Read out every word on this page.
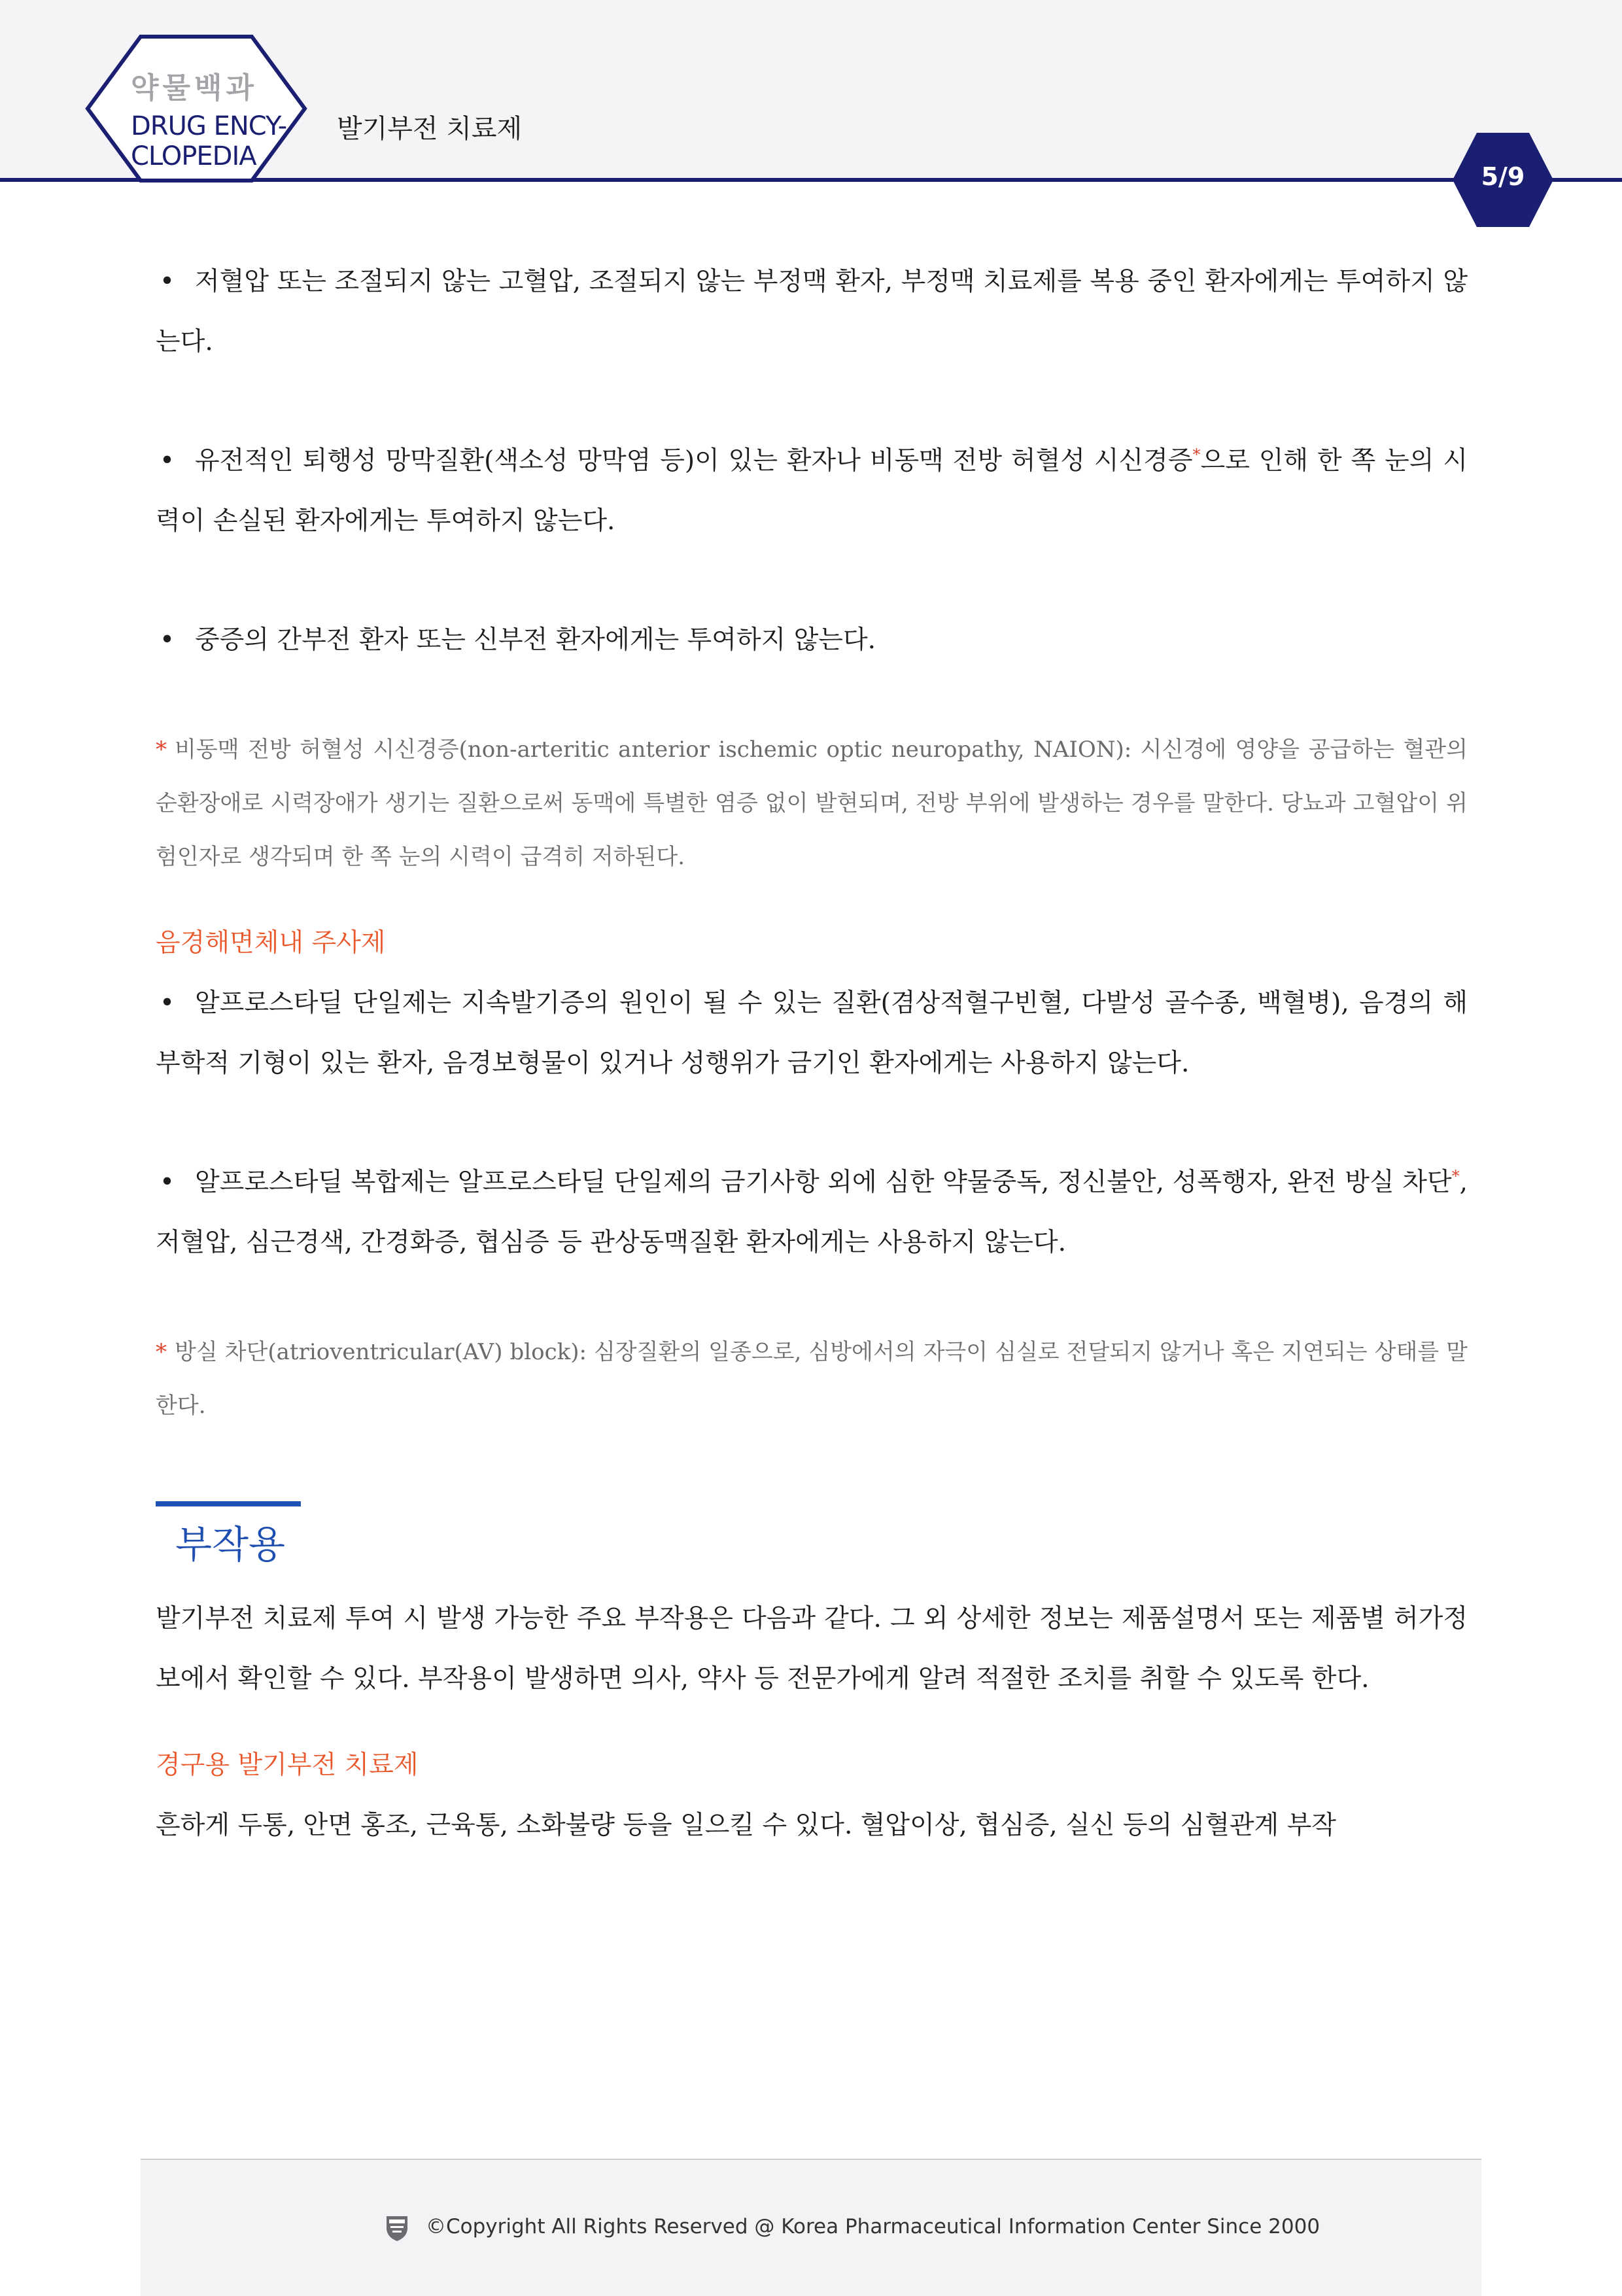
약물백과
DRUG ENCY-
CLOPEDIA
발기부전 치료제
5/9

• 저혈압 또는 조절되지 않는 고혈압, 조절되지 않는 부정맥 환자, 부정맥 치료제를 복용 중인 환자에게는 투여하지 않는다.

• 유전적인 퇴행성 망막질환(색소성 망막염 등)이 있는 환자나 비동맥 전방 허혈성 시신경증*으로 인해 한 쪽 눈의 시력이 손실된 환자에게는 투여하지 않는다.

• 중증의 간부전 환자 또는 신부전 환자에게는 투여하지 않는다.

* 비동맥 전방 허혈성 시신경증(non-arteritic anterior ischemic optic neuropathy, NAION): 시신경에 영양을 공급하는 혈관의 순환장애로 시력장애가 생기는 질환으로써 동맥에 특별한 염증 없이 발현되며, 전방 부위에 발생하는 경우를 말한다. 당뇨과 고혈압이 위험인자로 생각되며 한 쪽 눈의 시력이 급격히 저하된다.

음경해면체내 주사제

• 알프로스타딜 단일제는 지속발기증의 원인이 될 수 있는 질환(겸상적혈구빈혈, 다발성 골수종, 백혈병), 음경의 해부학적 기형이 있는 환자, 음경보형물이 있거나 성행위가 금기인 환자에게는 사용하지 않는다.

• 알프로스타딜 복합제는 알프로스타딜 단일제의 금기사항 외에 심한 약물중독, 정신불안, 성폭행자, 완전 방실 차단*, 저혈압, 심근경색, 간경화증, 협심증 등 관상동맥질환 환자에게는 사용하지 않는다.

* 방실 차단(atrioventricular(AV) block): 심장질환의 일종으로, 심방에서의 자극이 심실로 전달되지 않거나 혹은 지연되는 상태를 말한다.

부작용

발기부전 치료제 투여 시 발생 가능한 주요 부작용은 다음과 같다. 그 외 상세한 정보는 제품설명서 또는 제품별 허가정보에서 확인할 수 있다. 부작용이 발생하면 의사, 약사 등 전문가에게 알려 적절한 조치를 취할 수 있도록 한다.

경구용 발기부전 치료제

흔하게 두통, 안면 홍조, 근육통, 소화불량 등을 일으킬 수 있다. 혈압이상, 협심증, 실신 등의 심혈관계 부작

©Copyright All Rights Reserved @ Korea Pharmaceutical Information Center Since 2000
